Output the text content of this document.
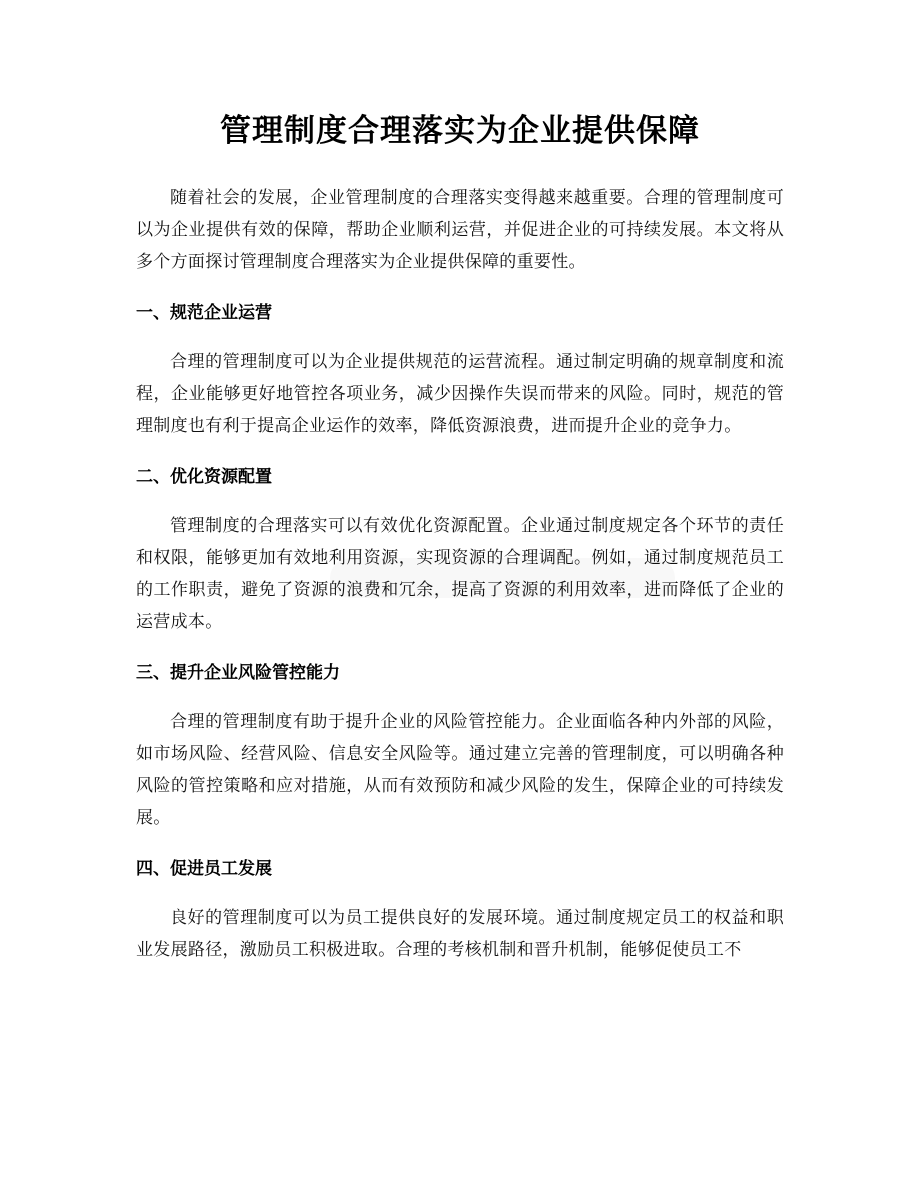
管理制度合理落实为企业提供保障

随着社会的发展，企业管理制度的合理落实变得越来越重要。合理的管理制度可以为企业提供有效的保障，帮助企业顺利运营，并促进企业的可持续发展。本文将从多个方面探讨管理制度合理落实为企业提供保障的重要性。

一、规范企业运营

合理的管理制度可以为企业提供规范的运营流程。通过制定明确的规章制度和流程，企业能够更好地管控各项业务，减少因操作失误而带来的风险。同时，规范的管理制度也有利于提高企业运作的效率，降低资源浪费，进而提升企业的竞争力。

二、优化资源配置

管理制度的合理落实可以有效优化资源配置。企业通过制度规定各个环节的责任和权限，能够更加有效地利用资源，实现资源的合理调配。例如，通过制度规范员工的工作职责，避免了资源的浪费和冗余，提高了资源的利用效率，进而降低了企业的运营成本。

三、提升企业风险管控能力

合理的管理制度有助于提升企业的风险管控能力。企业面临各种内外部的风险，如市场风险、经营风险、信息安全风险等。通过建立完善的管理制度，可以明确各种风险的管控策略和应对措施，从而有效预防和减少风险的发生，保障企业的可持续发展。

四、促进员工发展

良好的管理制度可以为员工提供良好的发展环境。通过制度规定员工的权益和职业发展路径，激励员工积极进取。合理的考核机制和晋升机制，能够促使员工不
